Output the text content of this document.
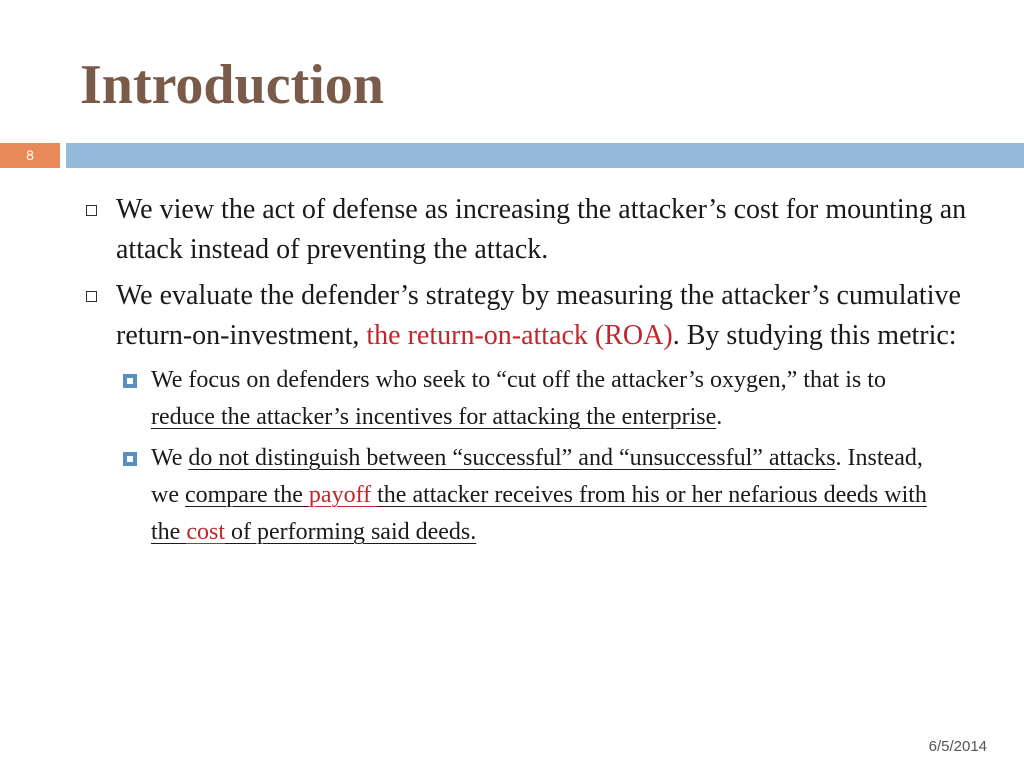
Introduction
8
We view the act of defense as increasing the attacker’s cost for mounting an attack instead of preventing the attack.
We evaluate the defender’s strategy by measuring the attacker’s cumulative return-on-investment, the return-on-attack (ROA). By studying this metric:
We focus on defenders who seek to “cut off the attacker’s oxygen,” that is to reduce the attacker’s incentives for attacking the enterprise.
We do not distinguish between “successful” and “unsuccessful” attacks. Instead, we compare the payoff the attacker receives from his or her nefarious deeds with the cost of performing said deeds.
6/5/2014
